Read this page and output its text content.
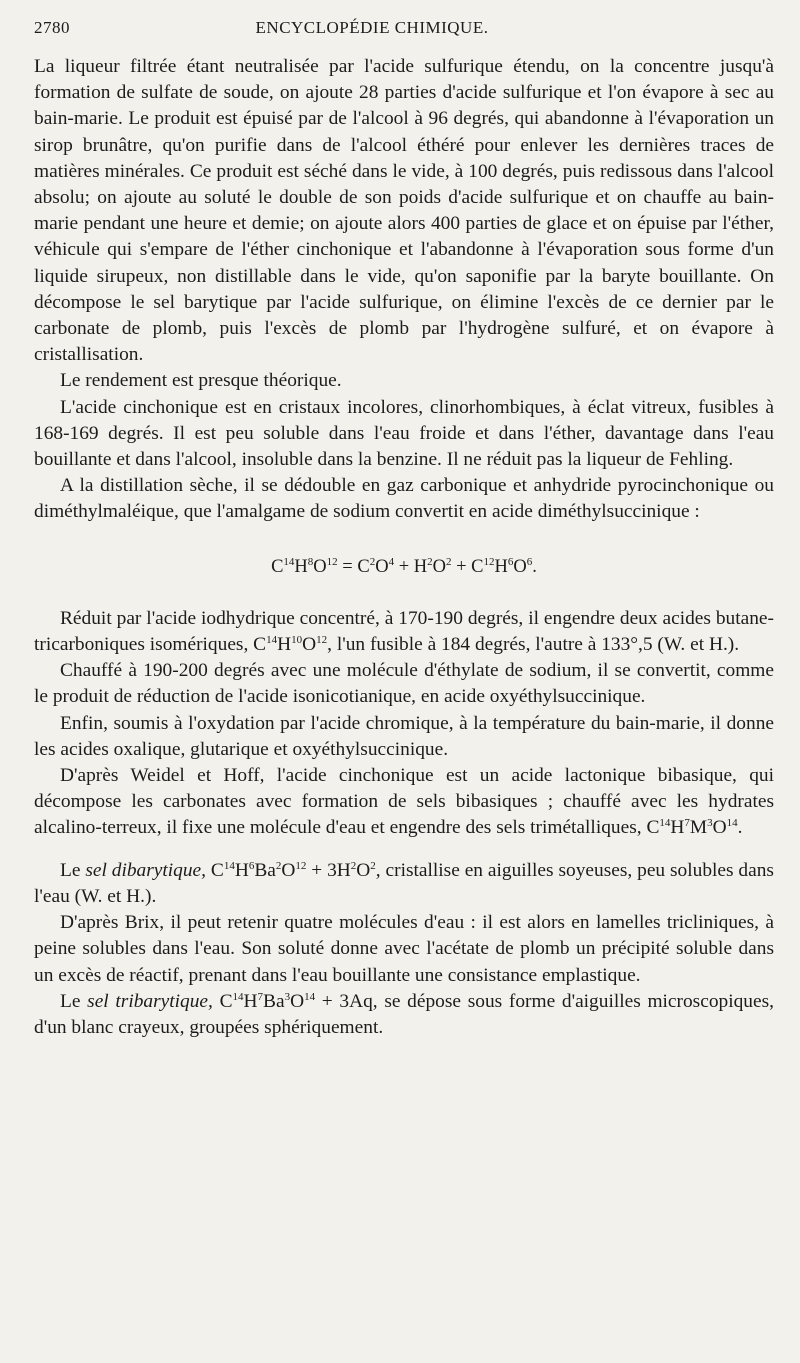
2780	ENCYCLOPÉDIE CHIMIQUE.

La liqueur filtrée étant neutralisée par l'acide sulfurique étendu, on la concentre jusqu'à formation de sulfate de soude, on ajoute 28 parties d'acide sulfurique et l'on évapore à sec au bain-marie. Le produit est épuisé par de l'alcool à 96 degrés, qui abandonne à l'évaporation un sirop brunâtre, qu'on purifie dans de l'alcool éthéré pour enlever les dernières traces de matières minérales. Ce produit est séché dans le vide, à 100 degrés, puis redissous dans l'alcool absolu; on ajoute au soluté le double de son poids d'acide sulfurique et on chauffe au bain-marie pendant une heure et demie; on ajoute alors 400 parties de glace et on épuise par l'éther, véhicule qui s'empare de l'éther cinchonique et l'abandonne à l'évaporation sous forme d'un liquide sirupeux, non distillable dans le vide, qu'on saponifie par la baryte bouillante. On décompose le sel barytique par l'acide sulfurique, on élimine l'excès de ce dernier par le carbonate de plomb, puis l'excès de plomb par l'hydrogène sulfuré, et on évapore à cristallisation.

Le rendement est presque théorique.

L'acide cinchonique est en cristaux incolores, clinorhombiques, à éclat vitreux, fusibles à 168-169 degrés. Il est peu soluble dans l'eau froide et dans l'éther, davantage dans l'eau bouillante et dans l'alcool, insoluble dans la benzine. Il ne réduit pas la liqueur de Fehling.

A la distillation sèche, il se dédouble en gaz carbonique et anhydride pyrocinchonique ou diméthylmaléique, que l'amalgame de sodium convertit en acide diméthylsuccinique :

$C^{14}H^8O^{12} = C^2O^4 + H^2O^2 + C^{12}H^6O^6$.

Réduit par l'acide iodhydrique concentré, à 170-190 degrés, il engendre deux acides butane-tricarboniques isomériques, $C^{14}H^{10}O^{12}$, l'un fusible à 184 degrés, l'autre à 133°,5 (W. et H.).

Chauffé à 190-200 degrés avec une molécule d'éthylate de sodium, il se convertit, comme le produit de réduction de l'acide isonicotianique, en acide oxyéthylsuccinique.

Enfin, soumis à l'oxydation par l'acide chromique, à la température du bain-marie, il donne les acides oxalique, glutarique et oxyéthylsuccinique.

D'après Weidel et Hoff, l'acide cinchonique est un acide lactonique bibasique, qui décompose les carbonates avec formation de sels bibasiques ; chauffé avec les hydrates alcalino-terreux, il fixe une molécule d'eau et engendre des sels trimétalliques, $C^{14}H^7M^3O^{14}$.

Le sel dibarytique, $C^{14}H^6Ba^2O^{12} + 3H^2O^2$, cristallise en aiguilles soyeuses, peu solubles dans l'eau (W. et H.).

D'après Brix, il peut retenir quatre molécules d'eau : il est alors en lamelles tricliniques, à peine solubles dans l'eau. Son soluté donne avec l'acétate de plomb un précipité soluble dans un excès de réactif, prenant dans l'eau bouillante une consistance emplastique.

Le sel tribarytique, $C^{14}H^7Ba^3O^{14} + 3Aq$, se dépose sous forme d'aiguilles microscopiques, d'un blanc crayeux, groupées sphériquement.
